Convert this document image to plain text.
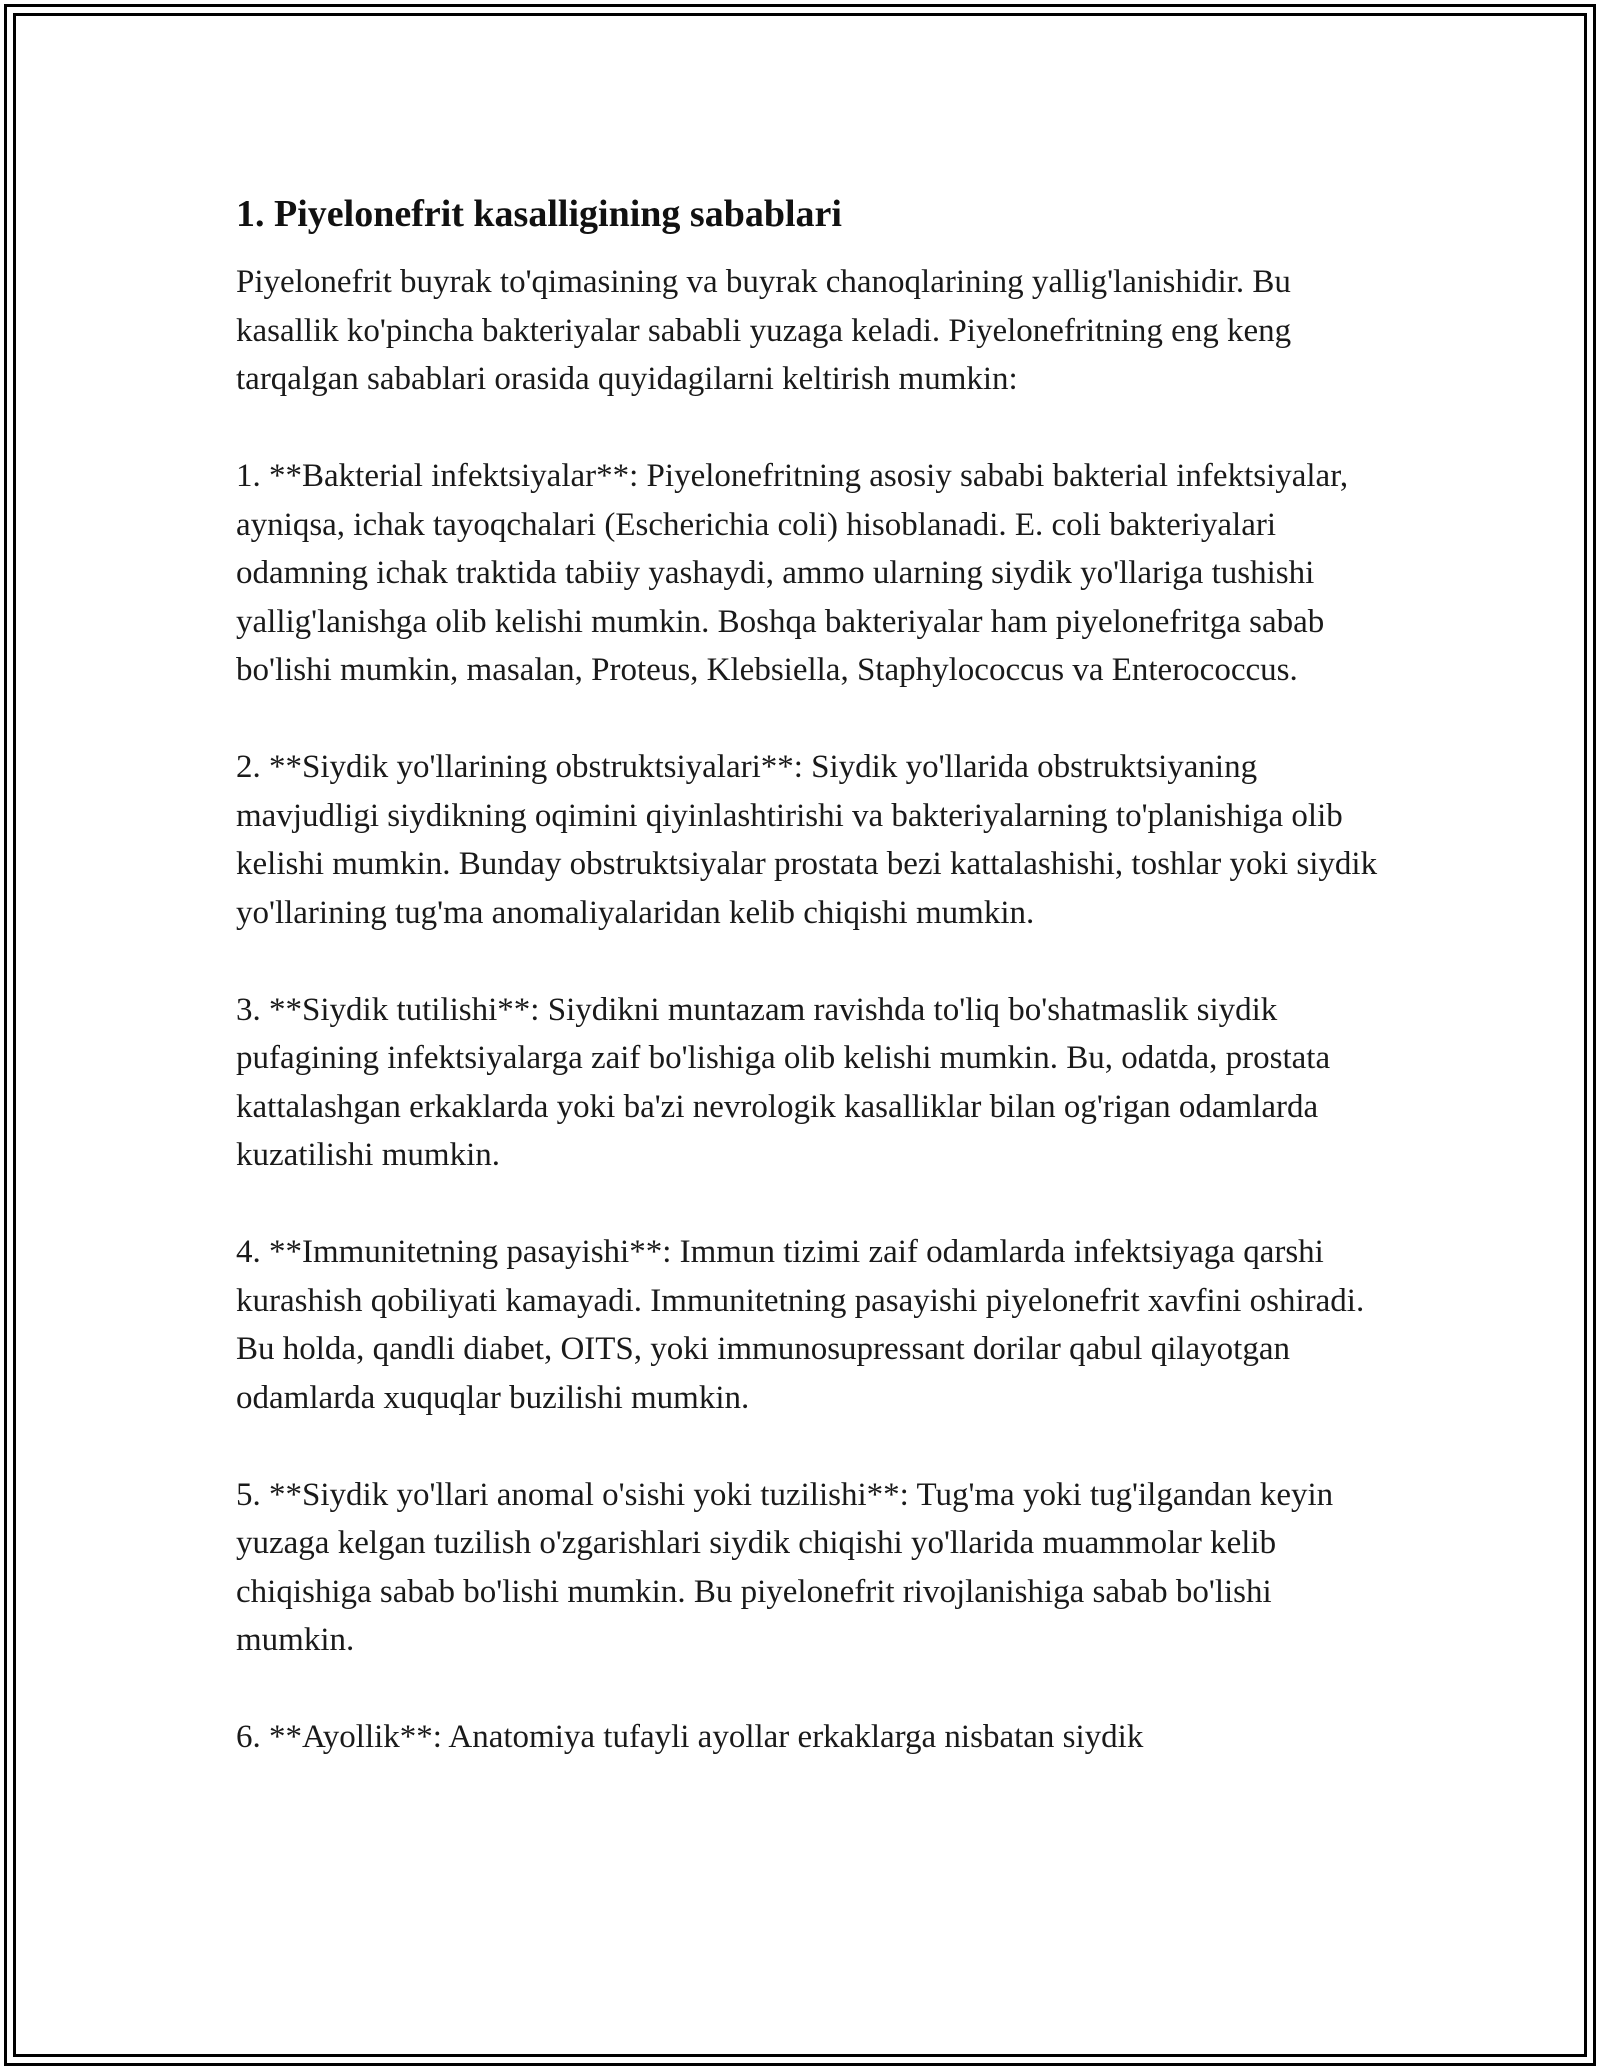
1. Piyelonefrit kasalligining sabablari

Piyelonefrit buyrak to'qimasining va buyrak chanoqlarining yallig'lanishidir. Bu kasallik ko'pincha bakteriyalar sababli yuzaga keladi. Piyelonefritning eng keng tarqalgan sabablari orasida quyidagilarni keltirish mumkin:

1. **Bakterial infektsiyalar**: Piyelonefritning asosiy sababi bakterial infektsiyalar, ayniqsa, ichak tayoqchalari (Escherichia coli) hisoblanadi. E. coli bakteriyalari odamning ichak traktida tabiiy yashaydi, ammo ularning siydik yo'llariga tushishi yallig'lanishga olib kelishi mumkin. Boshqa bakteriyalar ham piyelonefritga sabab bo'lishi mumkin, masalan, Proteus, Klebsiella, Staphylococcus va Enterococcus.

2. **Siydik yo'llarining obstruktsiyalari**: Siydik yo'llarida obstruktsiyaning mavjudligi siydikning oqimini qiyinlashtirishi va bakteriyalarning to'planishiga olib kelishi mumkin. Bunday obstruktsiyalar prostata bezi kattalashishi, toshlar yoki siydik yo'llarining tug'ma anomaliyalaridan kelib chiqishi mumkin.

3. **Siydik tutilishi**: Siydikni muntazam ravishda to'liq bo'shatmaslik siydik pufagining infektsiyalarga zaif bo'lishiga olib kelishi mumkin. Bu, odatda, prostata kattalashgan erkaklarda yoki ba'zi nevrologik kasalliklar bilan og'rigan odamlarda kuzatilishi mumkin.

4. **Immunitetning pasayishi**: Immun tizimi zaif odamlarda infektsiyaga qarshi kurashish qobiliyati kamayadi. Immunitetning pasayishi piyelonefrit xavfini oshiradi. Bu holda, qandli diabet, OITS, yoki immunosupressant dorilar qabul qilayotgan odamlarda xuquqlar buzilishi mumkin.

5. **Siydik yo'llari anomal o'sishi yoki tuzilishi**: Tug'ma yoki tug'ilgandan keyin yuzaga kelgan tuzilish o'zgarishlari siydik chiqishi yo'llarida muammolar kelib chiqishiga sabab bo'lishi mumkin. Bu piyelonefrit rivojlanishiga sabab bo'lishi mumkin.

6. **Ayollik**: Anatomiya tufayli ayollar erkaklarga nisbatan siydik
